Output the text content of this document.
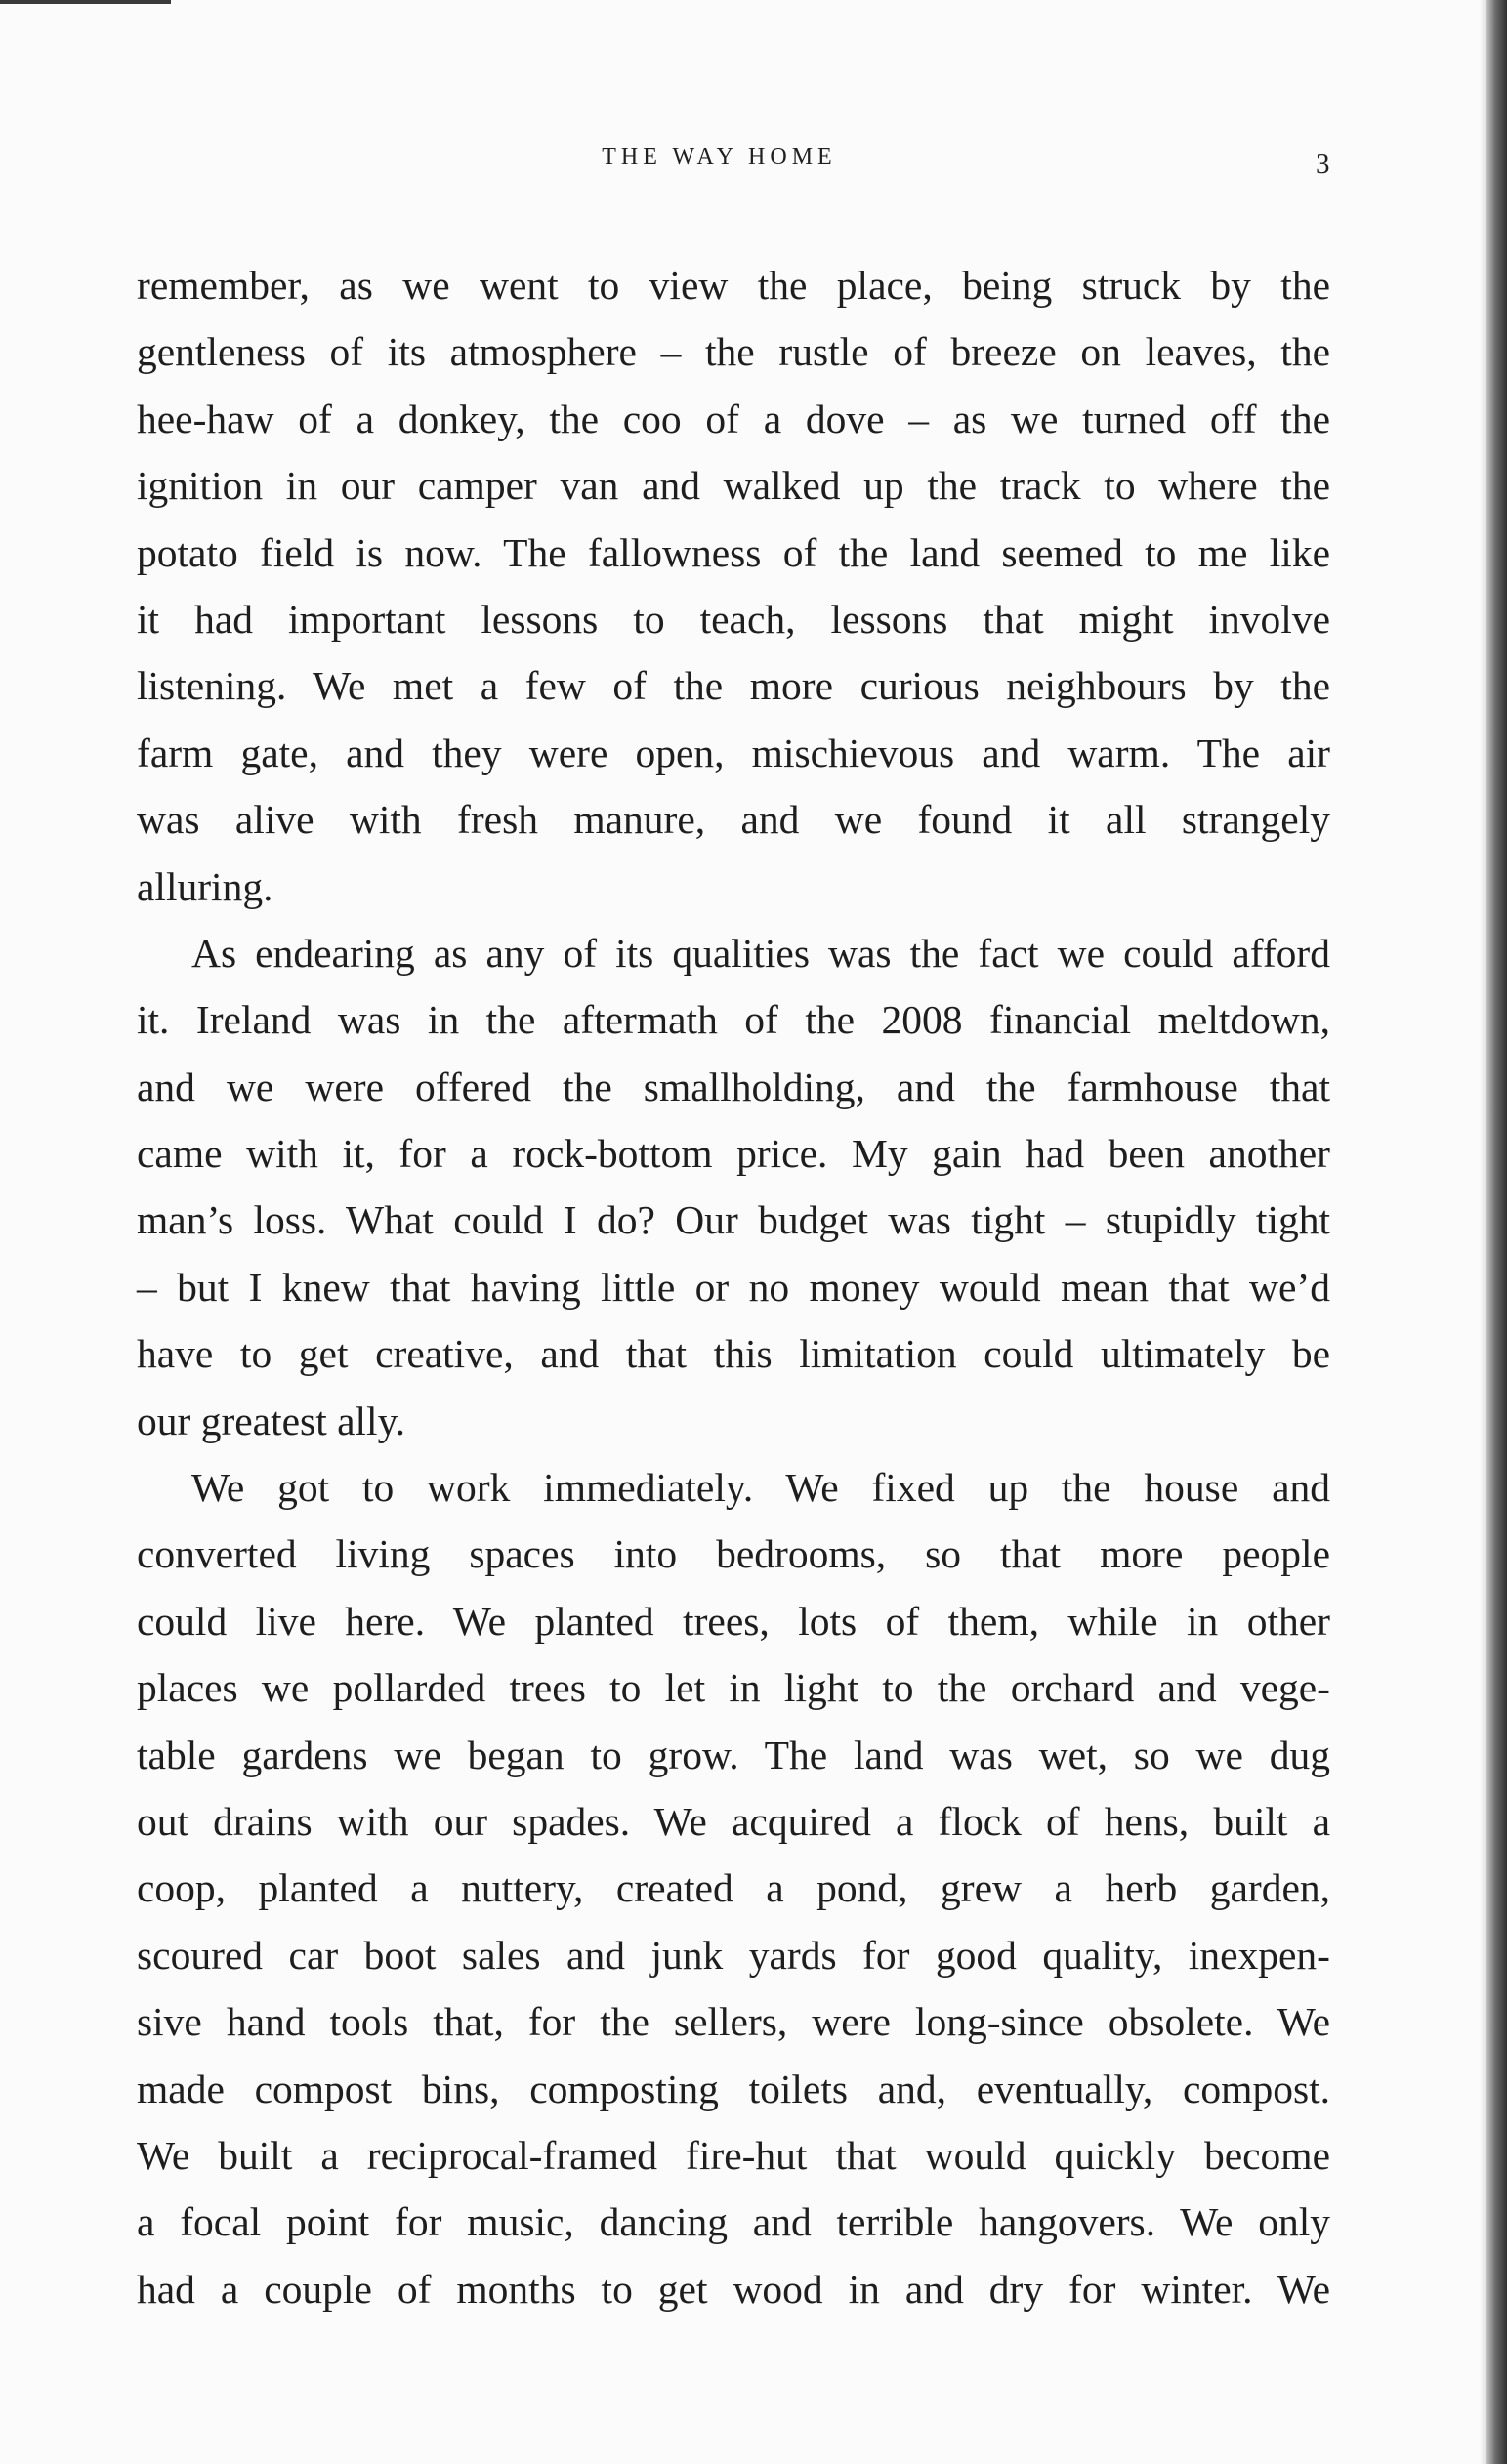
THE WAY HOME	3
remember, as we went to view the place, being struck by the
gentleness of its atmosphere – the rustle of breeze on leaves, the
hee-haw of a donkey, the coo of a dove – as we turned off the
ignition in our camper van and walked up the track to where the
potato field is now. The fallowness of the land seemed to me like
it had important lessons to teach, lessons that might involve
listening. We met a few of the more curious neighbours by the
farm gate, and they were open, mischievous and warm. The air
was alive with fresh manure, and we found it all strangely
alluring.
As endearing as any of its qualities was the fact we could afford
it. Ireland was in the aftermath of the 2008 financial meltdown,
and we were offered the smallholding, and the farmhouse that
came with it, for a rock-bottom price. My gain had been another
man’s loss. What could I do? Our budget was tight – stupidly tight
– but I knew that having little or no money would mean that we’d
have to get creative, and that this limitation could ultimately be
our greatest ally.
We got to work immediately. We fixed up the house and
converted living spaces into bedrooms, so that more people
could live here. We planted trees, lots of them, while in other
places we pollarded trees to let in light to the orchard and vege-
table gardens we began to grow. The land was wet, so we dug
out drains with our spades. We acquired a flock of hens, built a
coop, planted a nuttery, created a pond, grew a herb garden,
scoured car boot sales and junk yards for good quality, inexpen-
sive hand tools that, for the sellers, were long-since obsolete. We
made compost bins, composting toilets and, eventually, compost.
We built a reciprocal-framed fire-hut that would quickly become
a focal point for music, dancing and terrible hangovers. We only
had a couple of months to get wood in and dry for winter. We
